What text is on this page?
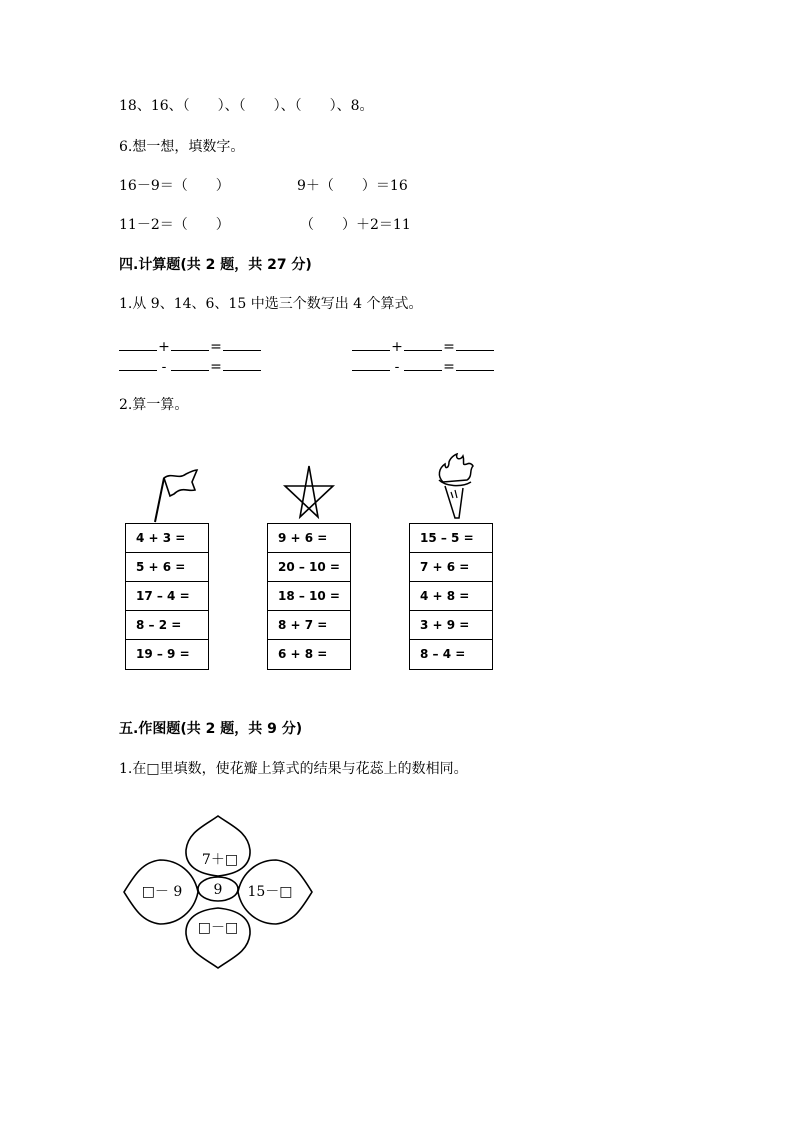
18、16、（　　）、（　　）、（　　）、8。
6.想一想，填数字。
16－9＝（　　）	9＋（　　）＝16
11－2＝（　　）	（　　）＋2＝11
四.计算题(共 2 题，共 27 分)
1.从 9、14、6、15 中选三个数写出 4 个算式。
+	=	+	=
-	=	-	=
2.算一算。
4 + 3 =
5 + 6 =
17 – 4 =
8 – 2 =
19 – 9 =
9 + 6 =
20 – 10 =
18 – 10 =
8 + 7 =
6 + 8 =
15 – 5 =
7 + 6 =
4 + 8 =
3 + 9 =
8 – 4 =
五.作图题(共 2 题，共 9 分)
1.在□里填数，使花瓣上算式的结果与花蕊上的数相同。
9
7＋□
□－ 9	15－□
□－□
